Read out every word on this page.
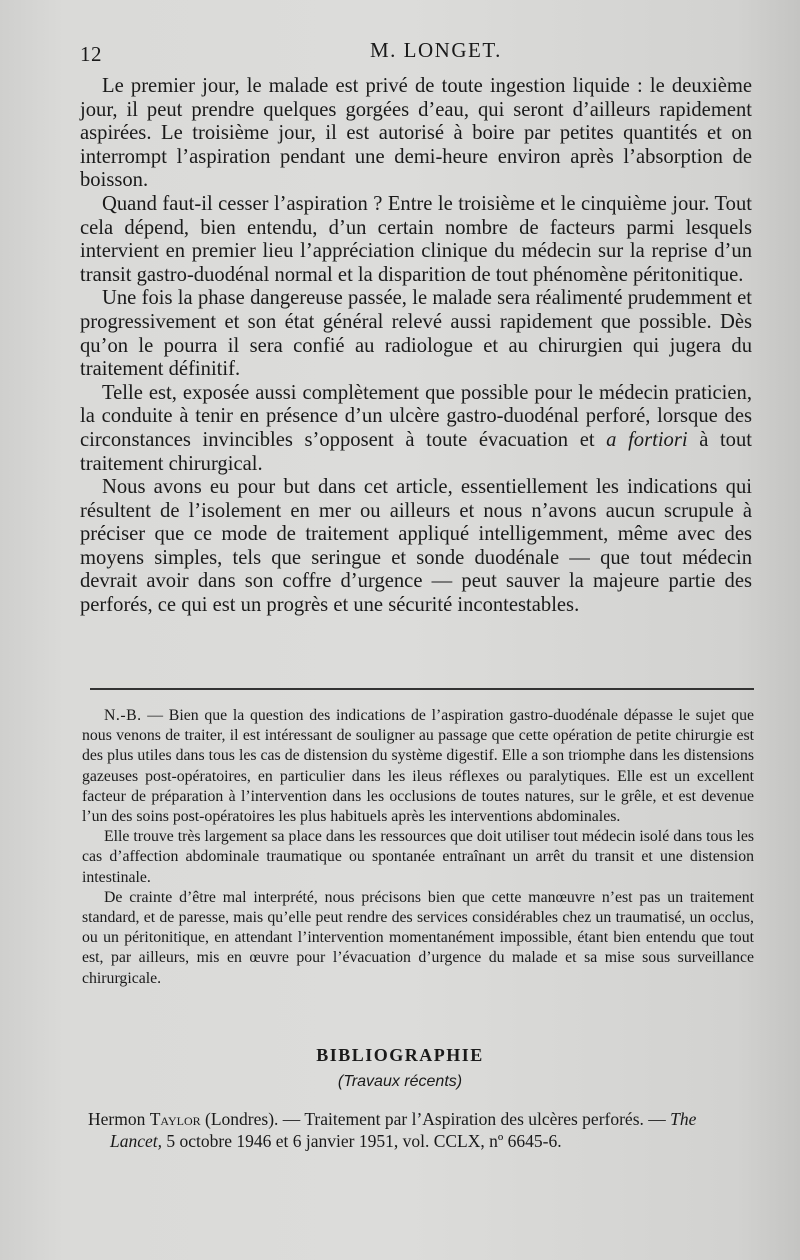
12	M. LONGET.

Le premier jour, le malade est privé de toute ingestion liquide : le deuxième jour, il peut prendre quelques gorgées d’eau, qui seront d’ailleurs rapidement aspirées. Le troisième jour, il est autorisé à boire par petites quantités et on interrompt l’aspiration pendant une demi-heure environ après l’absorption de boisson.

Quand faut-il cesser l’aspiration ? Entre le troisième et le cinquième jour. Tout cela dépend, bien entendu, d’un certain nombre de facteurs parmi lesquels intervient en premier lieu l’appréciation clinique du médecin sur la reprise d’un transit gastro-duodénal normal et la disparition de tout phénomène péritonitique.

Une fois la phase dangereuse passée, le malade sera réalimenté prudemment et progressivement et son état général relevé aussi rapidement que possible. Dès qu’on le pourra il sera confié au radiologue et au chirurgien qui jugera du traitement définitif.

Telle est, exposée aussi complètement que possible pour le médecin praticien, la conduite à tenir en présence d’un ulcère gastro-duodénal perforé, lorsque des circonstances invincibles s’opposent à toute évacuation et a fortiori à tout traitement chirurgical.

Nous avons eu pour but dans cet article, essentiellement les indications qui résultent de l’isolement en mer ou ailleurs et nous n’avons aucun scrupule à préciser que ce mode de traitement appliqué intelligemment, même avec des moyens simples, tels que seringue et sonde duodénale — que tout médecin devrait avoir dans son coffre d’urgence — peut sauver la majeure partie des perforés, ce qui est un progrès et une sécurité incontestables.

N.-B. — Bien que la question des indications de l’aspiration gastro-duodénale dépasse le sujet que nous venons de traiter, il est intéressant de souligner au passage que cette opération de petite chirurgie est des plus utiles dans tous les cas de distension du système digestif. Elle a son triomphe dans les distensions gazeuses post-opératoires, en particulier dans les ileus réflexes ou paralytiques. Elle est un excellent facteur de préparation à l’intervention dans les occlusions de toutes natures, sur le grêle, et est devenue l’un des soins post-opératoires les plus habituels après les interventions abdominales.

Elle trouve très largement sa place dans les ressources que doit utiliser tout médecin isolé dans tous les cas d’affection abdominale traumatique ou spontanée entraînant un arrêt du transit et une distension intestinale.

De crainte d’être mal interprété, nous précisons bien que cette manœuvre n’est pas un traitement standard, et de paresse, mais qu’elle peut rendre des services considérables chez un traumatisé, un occlus, ou un péritonitique, en attendant l’intervention momentanément impossible, étant bien entendu que tout est, par ailleurs, mis en œuvre pour l’évacuation d’urgence du malade et sa mise sous surveillance chirurgicale.

BIBLIOGRAPHIE
(Travaux récents)
Hermon Taylor (Londres). — Traitement par l’Aspiration des ulcères perforés. — The
Lancet, 5 octobre 1946 et 6 janvier 1951, vol. CCLX, nº 6645-6.
